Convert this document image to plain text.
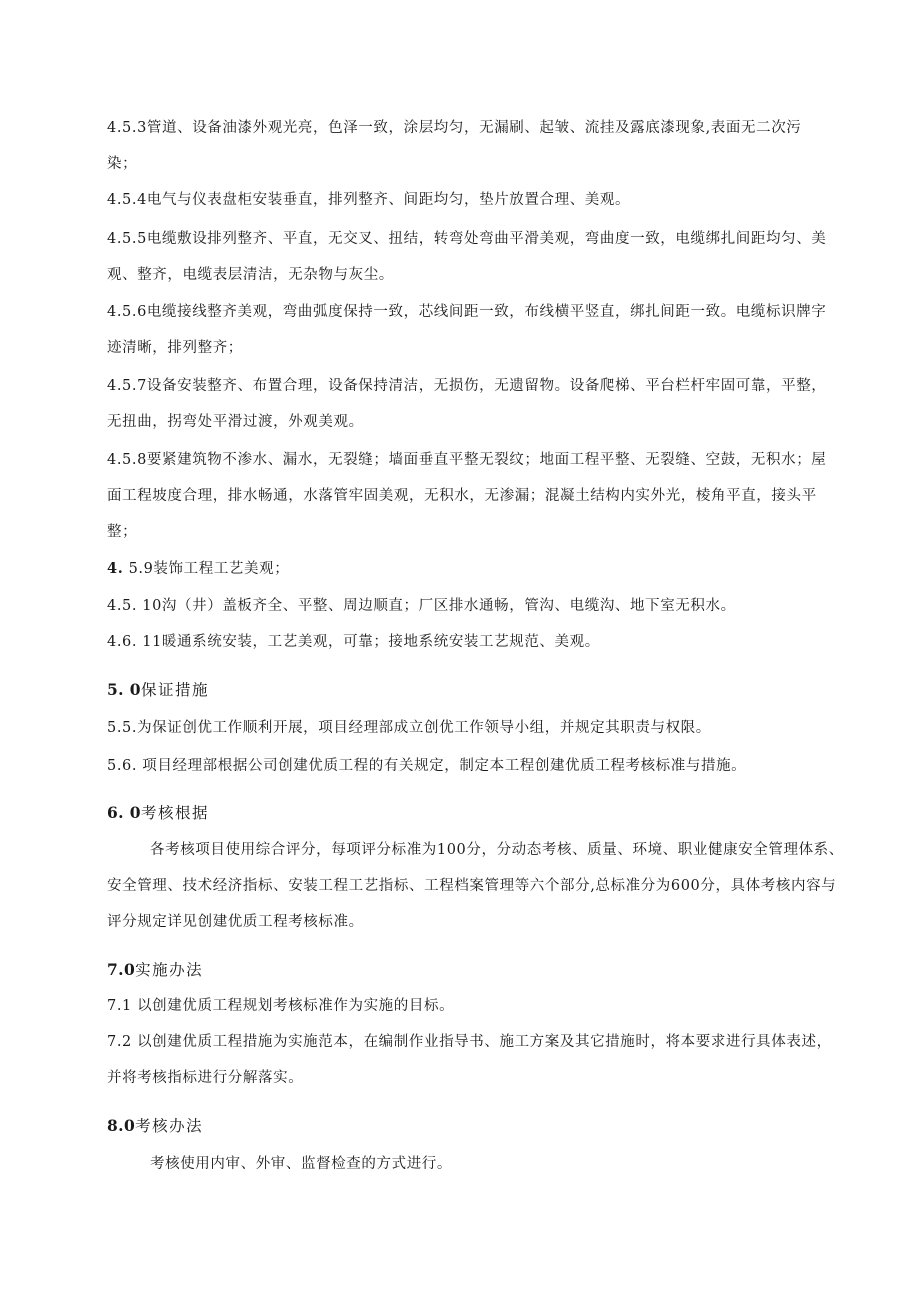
4.5.3管道、设备油漆外观光亮，色泽一致，涂层均匀，无漏刷、起皱、流挂及露底漆现象,表面无二次污
染；
4.5.4电气与仪表盘柜安装垂直，排列整齐、间距均匀，垫片放置合理、美观。
4.5.5电缆敷设排列整齐、平直，无交叉、扭结，转弯处弯曲平滑美观，弯曲度一致，电缆绑扎间距均匀、美
观、整齐，电缆表层清洁，无杂物与灰尘。
4.5.6电缆接线整齐美观，弯曲弧度保持一致，芯线间距一致，布线横平竖直，绑扎间距一致。电缆标识牌字
迹清晰，排列整齐；
4.5.7设备安装整齐、布置合理，设备保持清洁，无损伤，无遗留物。设备爬梯、平台栏杆牢固可靠，平整，
无扭曲，拐弯处平滑过渡，外观美观。
4.5.8要紧建筑物不渗水、漏水，无裂缝；墙面垂直平整无裂纹；地面工程平整、无裂缝、空鼓，无积水；屋
面工程坡度合理，排水畅通，水落管牢固美观，无积水，无渗漏；混凝土结构内实外光，棱角平直，接头平
整；
4. 5.9装饰工程工艺美观；
4.5. 10沟（井）盖板齐全、平整、周边顺直；厂区排水通畅，管沟、电缆沟、地下室无积水。
4.6. 11暖通系统安装，工艺美观，可靠；接地系统安装工艺规范、美观。
5. 0保证措施
5.5.为保证创优工作顺利开展，项目经理部成立创优工作领导小组，并规定其职责与权限。
5.6. 项目经理部根据公司创建优质工程的有关规定，制定本工程创建优质工程考核标准与措施。
6. 0考核根据
各考核项目使用综合评分，每项评分标准为100分，分动态考核、质量、环境、职业健康安全管理体系、
安全管理、技术经济指标、安装工程工艺指标、工程档案管理等六个部分,总标准分为600分，具体考核内容与
评分规定详见创建优质工程考核标准。
7.0实施办法
7.1 以创建优质工程规划考核标准作为实施的目标。
7.2 以创建优质工程措施为实施范本，在编制作业指导书、施工方案及其它措施时，将本要求进行具体表述，
并将考核指标进行分解落实。
8.0考核办法
考核使用内审、外审、监督检查的方式进行。
